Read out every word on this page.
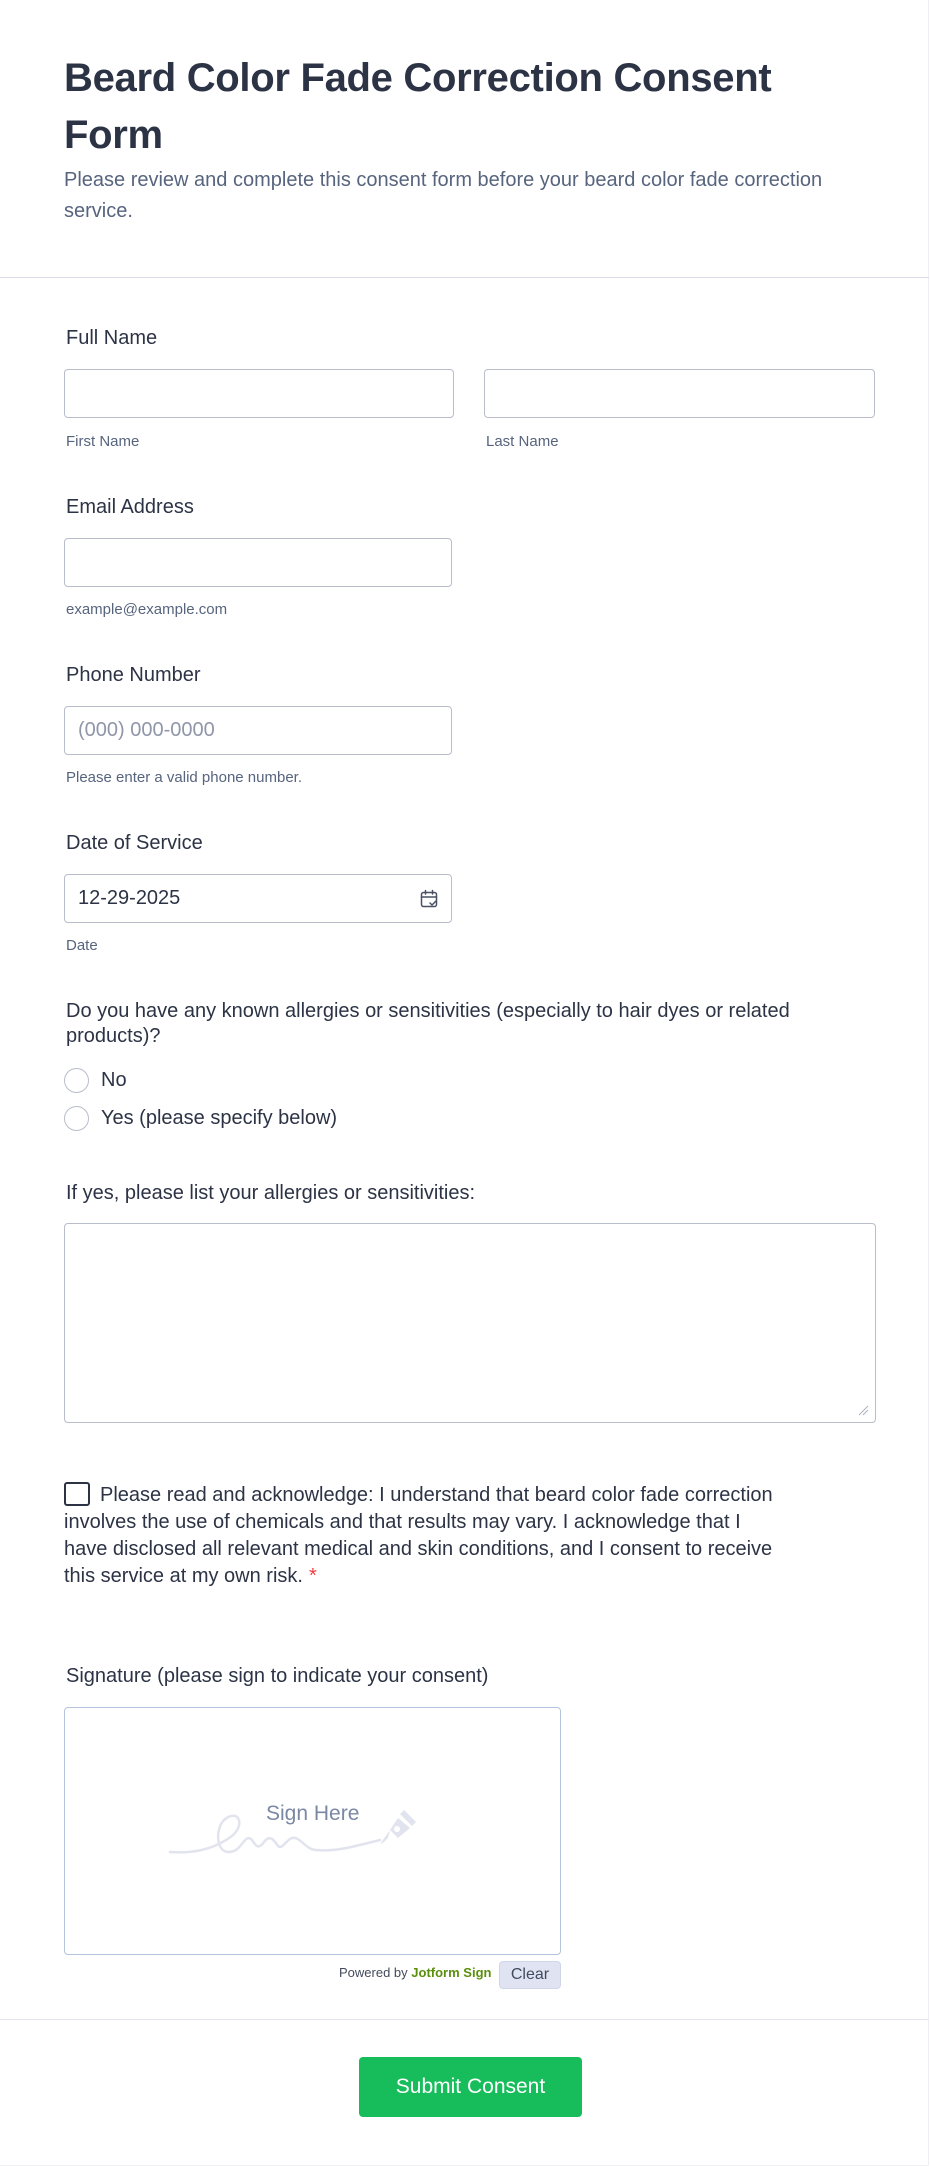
Beard Color Fade Correction Consent Form

Please review and complete this consent form before your beard color fade correction service.

Full Name
First Name	Last Name
Email Address
example@example.com
Phone Number
(000) 000-0000
Please enter a valid phone number.
Date of Service
12-29-2025
Date
Do you have any known allergies or sensitivities (especially to hair dyes or related products)?
No
Yes (please specify below)
If yes, please list your allergies or sensitivities:
Please read and acknowledge: I understand that beard color fade correction involves the use of chemicals and that results may vary. I acknowledge that I have disclosed all relevant medical and skin conditions, and I consent to receive this service at my own risk. *
Signature (please sign to indicate your consent)
Sign Here
Powered by Jotform Sign	Clear
Submit Consent
